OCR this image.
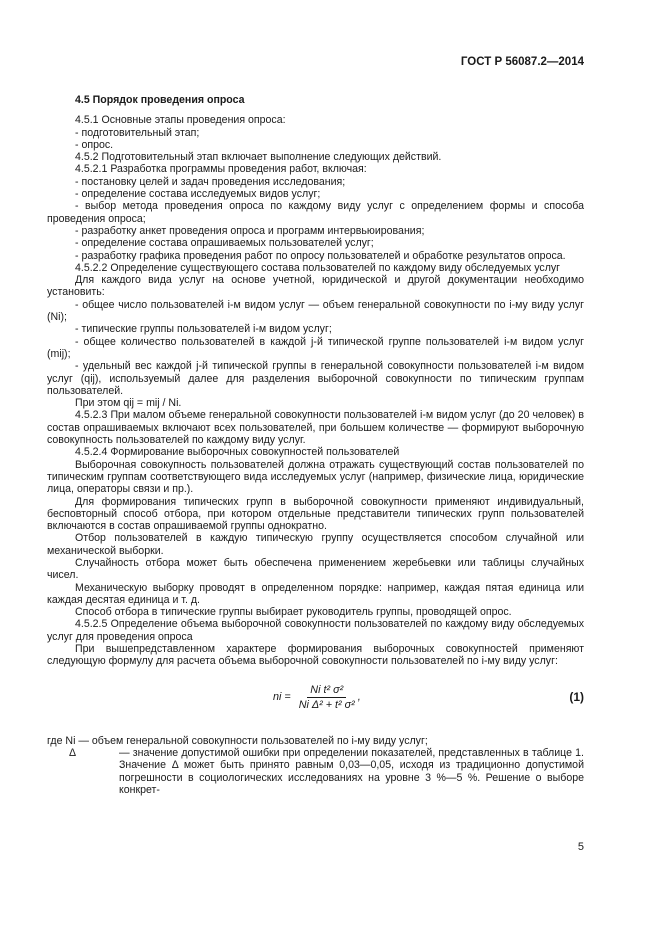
ГОСТ Р 56087.2—2014

4.5 Порядок проведения опроса

4.5.1 Основные этапы проведения опроса:

- подготовительный этап;

- опрос.

4.5.2 Подготовительный этап включает выполнение следующих действий.

4.5.2.1 Разработка программы проведения работ, включая:

- постановку целей и задач проведения исследования;

- определение состава исследуемых видов услуг;

- выбор метода проведения опроса по каждому виду услуг с определением формы и способа проведения опроса;

- разработку анкет проведения опроса и программ интервьюирования;

- определение состава опрашиваемых пользователей услуг;

- разработку графика проведения работ по опросу пользователей и обработке результатов опроса.

4.5.2.2 Определение существующего состава пользователей по каждому виду обследуемых услуг

Для каждого вида услуг на основе учетной, юридической и другой документации необходимо установить:

- общее число пользователей i-м видом услуг — объем генеральной совокупности по i-му виду услуг (Ni);

- типические группы пользователей i-м видом услуг;

- общее количество пользователей в каждой j-й типической группе пользователей i-м видом услуг (mij);

- удельный вес каждой j-й типической группы в генеральной совокупности пользователей i-м видом услуг (qij), используемый далее для разделения выборочной совокупности по типическим группам пользователей.

При этом qij = mij / Ni.

4.5.2.3 При малом объеме генеральной совокупности пользователей i-м видом услуг (до 20 человек) в состав опрашиваемых включают всех пользователей, при большем количестве — формируют выборочную совокупность пользователей по каждому виду услуг.

4.5.2.4 Формирование выборочных совокупностей пользователей

Выборочная совокупность пользователей должна отражать существующий состав пользователей по типическим группам соответствующего вида исследуемых услуг (например, физические лица, юридические лица, операторы связи и пр.).

Для формирования типических групп в выборочной совокупности применяют индивидуальный, бесповторный способ отбора, при котором отдельные представители типических групп пользователей включаются в состав опрашиваемой группы однократно.

Отбор пользователей в каждую типическую группу осуществляется способом случайной или механической выборки.

Случайность отбора может быть обеспечена применением жеребьевки или таблицы случайных чисел.

Механическую выборку проводят в определенном порядке: например, каждая пятая единица или каждая десятая единица и т. д.

Способ отбора в типические группы выбирает руководитель группы, проводящей опрос.

4.5.2.5 Определение объема выборочной совокупности пользователей по каждому виду обследуемых услуг для проведения опроса

При вышепредставленном характере формирования выборочных совокупностей применяют следующую формулу для расчета объема выборочной совокупности пользователей по i-му виду услуг:

ni = $\frac{\text{Ni t² σ²}}{\text{Ni Δ² + t² σ²}}$ ,	(1)

где Ni — объем генеральной совокупности пользователей по i-му виду услуг;

Δ	— значение допустимой ошибки при определении показателей, представленных в таблице 1. Значение Δ может быть принято равным 0,03—0,05, исходя из традиционно допустимой погрешности в социологических исследованиях на уровне 3 %—5 %. Решение о выборе конкрет-

5
